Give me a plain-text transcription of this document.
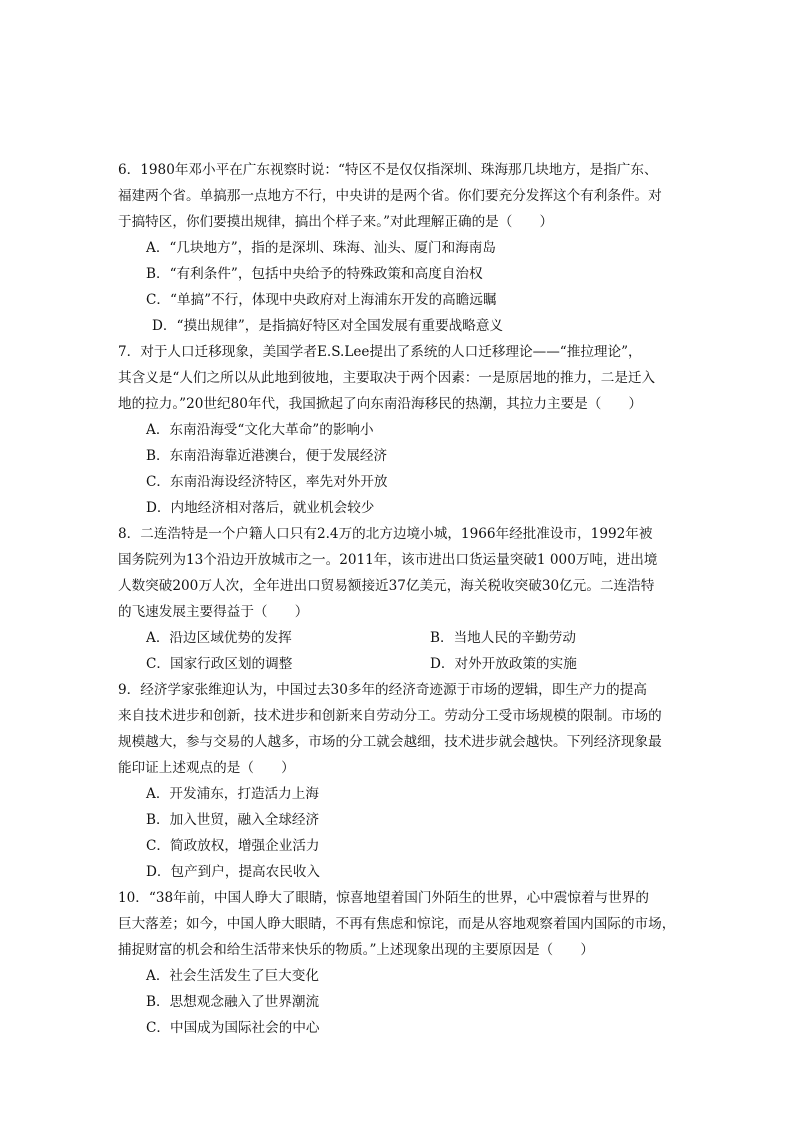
6．1980年邓小平在广东视察时说：“特区不是仅仅指深圳、珠海那几块地方，是指广东、
福建两个省。单搞那一点地方不行，中央讲的是两个省。你们要充分发挥这个有利条件。对
于搞特区，你们要摸出规律，搞出个样子来。”对此理解正确的是（　　）
A．“几块地方”，指的是深圳、珠海、汕头、厦门和海南岛
B．“有利条件”，包括中央给予的特殊政策和高度自治权
C．“单搞”不行，体现中央政府对上海浦东开发的高瞻远瞩
D．“摸出规律”，是指搞好特区对全国发展有重要战略意义
7．对于人口迁移现象，美国学者E.S.Lee提出了系统的人口迁移理论——“推拉理论”，
其含义是“人们之所以从此地到彼地，主要取决于两个因素：一是原居地的推力，二是迁入
地的拉力。”20世纪80年代，我国掀起了向东南沿海移民的热潮，其拉力主要是（　　）
A．东南沿海受“文化大革命”的影响小
B．东南沿海靠近港澳台，便于发展经济
C．东南沿海设经济特区，率先对外开放
D．内地经济相对落后，就业机会较少
8．二连浩特是一个户籍人口只有2.4万的北方边境小城，1966年经批准设市，1992年被
国务院列为13个沿边开放城市之一。2011年，该市进出口货运量突破1 000万吨，进出境
人数突破200万人次，全年进出口贸易额接近37亿美元，海关税收突破30亿元。二连浩特
的飞速发展主要得益于（　　）
A．沿边区域优势的发挥	B．当地人民的辛勤劳动
C．国家行政区划的调整	D．对外开放政策的实施
9．经济学家张维迎认为，中国过去30多年的经济奇迹源于市场的逻辑，即生产力的提高
来自技术进步和创新，技术进步和创新来自劳动分工。劳动分工受市场规模的限制。市场的
规模越大，参与交易的人越多，市场的分工就会越细，技术进步就会越快。下列经济现象最
能印证上述观点的是（　　）
A．开发浦东，打造活力上海
B．加入世贸，融入全球经济
C．简政放权，增强企业活力
D．包产到户，提高农民收入
10．“38年前，中国人睁大了眼睛，惊喜地望着国门外陌生的世界，心中震惊着与世界的
巨大落差；如今，中国人睁大眼睛，不再有焦虑和惊诧，而是从容地观察着国内国际的市场，
捕捉财富的机会和给生活带来快乐的物质。”上述现象出现的主要原因是（　　）
A．社会生活发生了巨大变化
B．思想观念融入了世界潮流
C．中国成为国际社会的中心
